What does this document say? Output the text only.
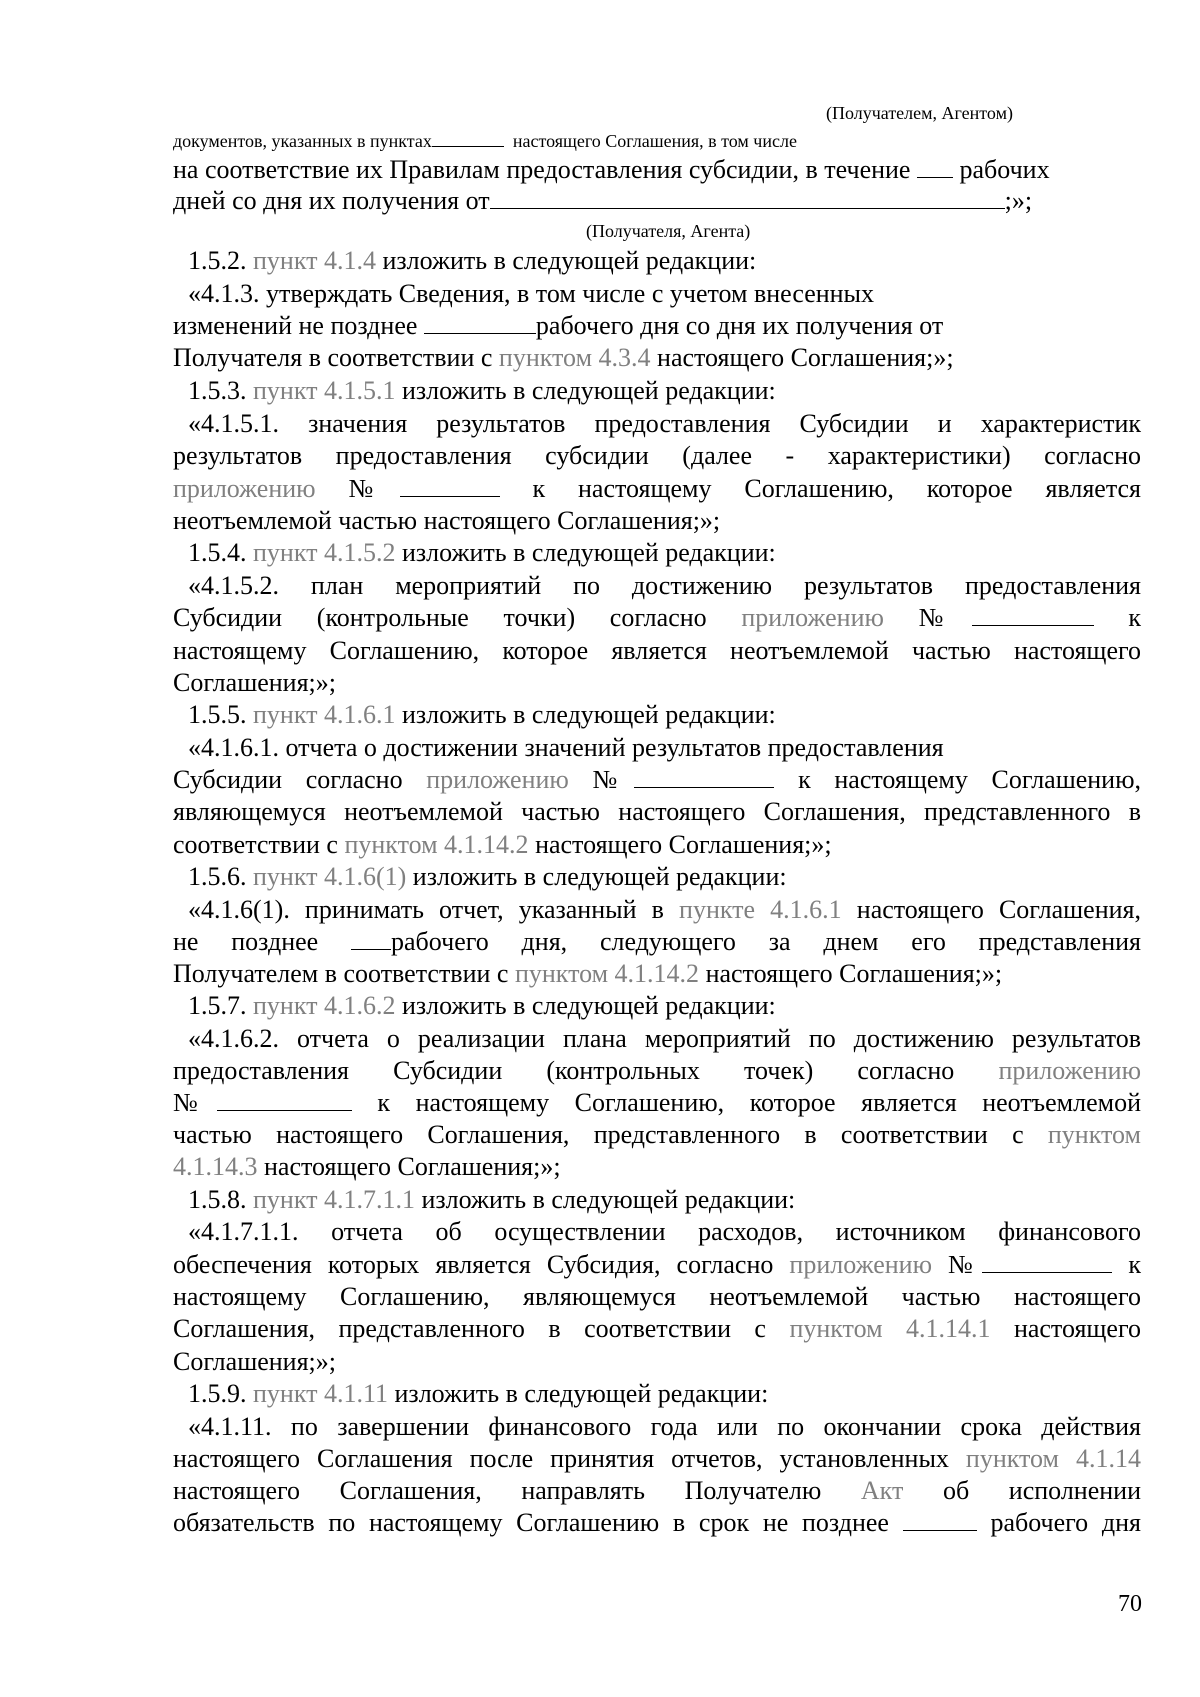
(Получателем, Агентом)
документов, указанных в пунктах	настоящего Соглашения, в том числе
на соответствие их Правилам предоставления субсидии, в течение рабочих
дней со дня их получения от	;»;
(Получателя, Агента)
1.5.2. пункт 4.1.4 изложить в следующей редакции:
«4.1.3. утверждать Сведения, в том числе с учетом внесенных
изменений не позднее	рабочего дня со дня их получения от
Получателя в соответствии с пунктом 4.3.4 настоящего Соглашения;»;
1.5.3. пункт 4.1.5.1 изложить в следующей редакции:
«4.1.5.1. значения результатов предоставления Субсидии и характеристик
результатов предоставления субсидии (далее - характеристики) согласно
приложению №	к настоящему Соглашению, которое является
неотъемлемой частью настоящего Соглашения;»;
1.5.4. пункт 4.1.5.2 изложить в следующей редакции:
«4.1.5.2. план мероприятий по достижению результатов предоставления
Субсидии (контрольные точки) согласно приложению №	к
настоящему Соглашению, которое является неотъемлемой частью настоящего
Соглашения;»;
1.5.5. пункт 4.1.6.1 изложить в следующей редакции:
«4.1.6.1. отчета о достижении значений результатов предоставления
Субсидии согласно приложению №	к настоящему Соглашению,
являющемуся неотъемлемой частью настоящего Соглашения, представленного в
соответствии с пунктом 4.1.14.2 настоящего Соглашения;»;
1.5.6. пункт 4.1.6(1) изложить в следующей редакции:
«4.1.6(1). принимать отчет, указанный в пункте 4.1.6.1 настоящего Соглашения,
не позднее	рабочего дня, следующего за днем его представления
Получателем в соответствии с пунктом 4.1.14.2 настоящего Соглашения;»;
1.5.7. пункт 4.1.6.2 изложить в следующей редакции:
«4.1.6.2. отчета о реализации плана мероприятий по достижению результатов
предоставления Субсидии (контрольных точек) согласно приложению
№	к настоящему Соглашению, которое является неотъемлемой
частью настоящего Соглашения, представленного в соответствии с пунктом
4.1.14.3 настоящего Соглашения;»;
1.5.8. пункт 4.1.7.1.1 изложить в следующей редакции:
«4.1.7.1.1. отчета об осуществлении расходов, источником финансового
обеспечения которых является Субсидия, согласно приложению №	к
настоящему Соглашению, являющемуся неотъемлемой частью настоящего
Соглашения, представленного в соответствии с пунктом 4.1.14.1 настоящего
Соглашения;»;
1.5.9. пункт 4.1.11 изложить в следующей редакции:
«4.1.11. по завершении финансового года или по окончании срока действия
настоящего Соглашения после принятия отчетов, установленных пунктом 4.1.14
настоящего Соглашения, направлять Получателю Акт об исполнении
обязательств по настоящему Соглашению в срок не позднее	рабочего дня
70
